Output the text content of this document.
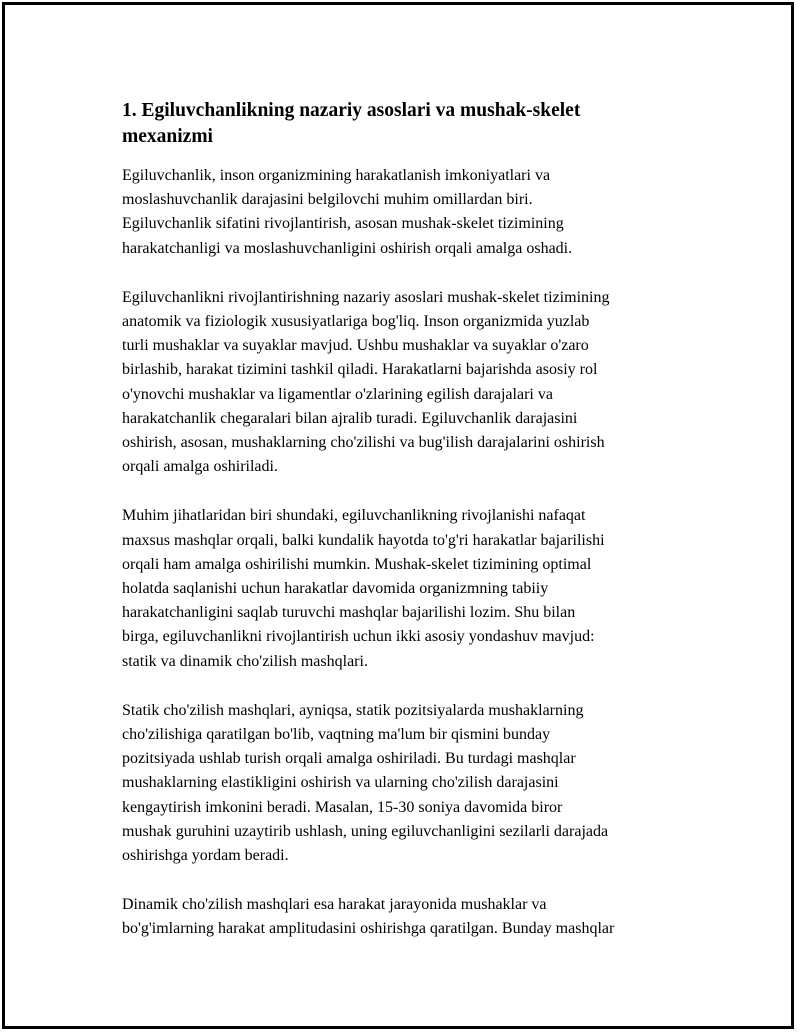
1. Egiluvchanlikning nazariy asoslari va mushak-skelet
mexanizmi

Egiluvchanlik, inson organizmining harakatlanish imkoniyatlari va
moslashuvchanlik darajasini belgilovchi muhim omillardan biri.
Egiluvchanlik sifatini rivojlantirish, asosan mushak-skelet tizimining
harakatchanligi va moslashuvchanligini oshirish orqali amalga oshadi.

Egiluvchanlikni rivojlantirishning nazariy asoslari mushak-skelet tizimining
anatomik va fiziologik xususiyatlariga bog'liq. Inson organizmida yuzlab
turli mushaklar va suyaklar mavjud. Ushbu mushaklar va suyaklar o'zaro
birlashib, harakat tizimini tashkil qiladi. Harakatlarni bajarishda asosiy rol
o'ynovchi mushaklar va ligamentlar o'zlarining egilish darajalari va
harakatchanlik chegaralari bilan ajralib turadi. Egiluvchanlik darajasini
oshirish, asosan, mushaklarning cho'zilishi va bug'ilish darajalarini oshirish
orqali amalga oshiriladi.

Muhim jihatlaridan biri shundaki, egiluvchanlikning rivojlanishi nafaqat
maxsus mashqlar orqali, balki kundalik hayotda to'g'ri harakatlar bajarilishi
orqali ham amalga oshirilishi mumkin. Mushak-skelet tizimining optimal
holatda saqlanishi uchun harakatlar davomida organizmning tabiiy
harakatchanligini saqlab turuvchi mashqlar bajarilishi lozim. Shu bilan
birga, egiluvchanlikni rivojlantirish uchun ikki asosiy yondashuv mavjud:
statik va dinamik cho'zilish mashqlari.

Statik cho'zilish mashqlari, ayniqsa, statik pozitsiyalarda mushaklarning
cho'zilishiga qaratilgan bo'lib, vaqtning ma'lum bir qismini bunday
pozitsiyada ushlab turish orqali amalga oshiriladi. Bu turdagi mashqlar
mushaklarning elastikligini oshirish va ularning cho'zilish darajasini
kengaytirish imkonini beradi. Masalan, 15-30 soniya davomida biror
mushak guruhini uzaytirib ushlash, uning egiluvchanligini sezilarli darajada
oshirishga yordam beradi.

Dinamik cho'zilish mashqlari esa harakat jarayonida mushaklar va
bo'g'imlarning harakat amplitudasini oshirishga qaratilgan. Bunday mashqlar
